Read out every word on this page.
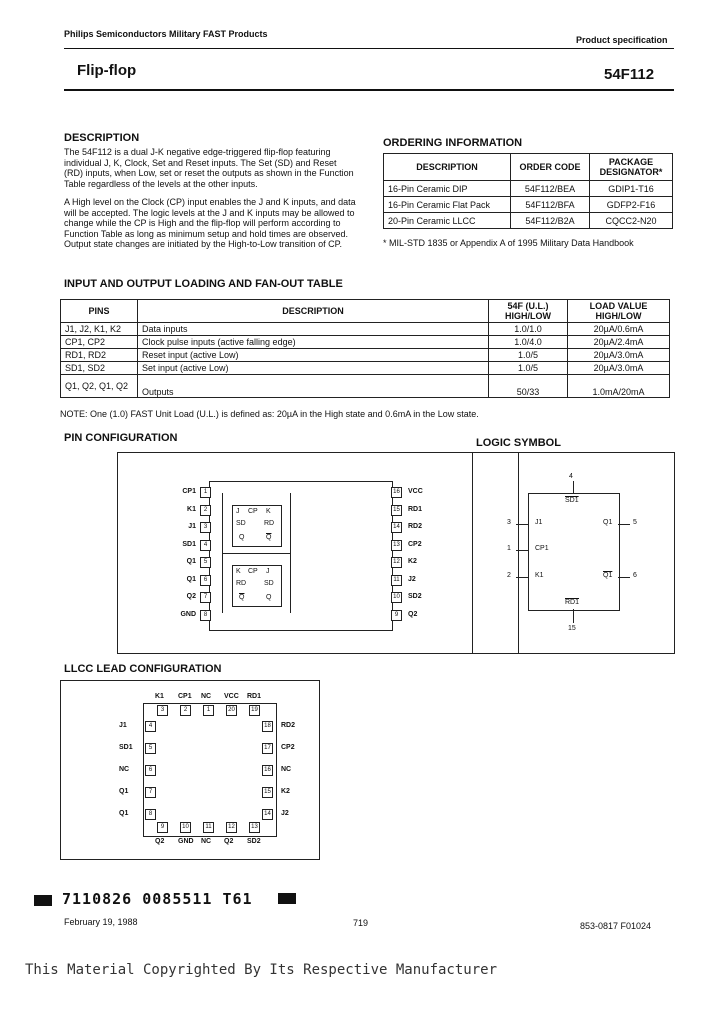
Philips Semiconductors Military FAST Products
Product specification
Flip-flop	54F112
DESCRIPTION
The 54F112 is a dual J-K negative edge-triggered flip-flop featuring individual J, K, Clock, Set and Reset inputs. The Set (SD) and Reset (RD) inputs, when Low, set or reset the outputs as shown in the Function Table regardless of the levels at the other inputs.
A High level on the Clock (CP) input enables the J and K inputs, and data will be accepted. The logic levels at the J and K inputs may be allowed to change while the CP is High and the flip-flop will perform according to Function Table as long as minimum setup and hold times are observed. Output state changes are initiated by the High-to-Low transition of CP.
ORDERING INFORMATION
DESCRIPTION	ORDER CODE	PACKAGE DESIGNATOR*
16-Pin Ceramic DIP	54F112/BEA	GDIP1-T16
16-Pin Ceramic Flat Pack	54F112/BFA	GDFP2-F16
20-Pin Ceramic LLCC	54F112/B2A	CQCC2-N20
* MIL-STD 1835 or Appendix A of 1995 Military Data Handbook
INPUT AND OUTPUT LOADING AND FAN-OUT TABLE
PINS	DESCRIPTION	54F (U.L.) HIGH/LOW	LOAD VALUE HIGH/LOW
J1, J2, K1, K2	Data inputs	1.0/1.0	20µA/0.6mA
CP1, CP2	Clock pulse inputs (active falling edge)	1.0/4.0	20µA/2.4mA
RD1, RD2	Reset input (active Low)	1.0/5	20µA/3.0mA
SD1, SD2	Set input (active Low)	1.0/5	20µA/3.0mA
Q1, Q2, Q1, Q2	Outputs	50/33	1.0mA/20mA
NOTE: One (1.0) FAST Unit Load (U.L.) is defined as: 20µA in the High state and 0.6mA in the Low state.
PIN CONFIGURATION
J CP K
SD	RD
Q	$\overline{Q}$
K CP J
RD	SD
$\overline{Q}$	Q
1
CP1
2
K1
3
J1
4
SD1
5
Q1
6
Q1
7
Q2
8
GND
16	VCC
15	RD1
14	RD2
13	CP2
12	K2
11	J2
10	SD2
9	Q2
LOGIC SYMBOL
4
SD1
15
RD1
3	J1
1	CP1
2	K1
5
Q1
6
Q1
LLCC LEAD CONFIGURATION
3
K1
2
CP1
1
NC
20
VCC
19
RD1
9
Q2
10
GND
11
NC
12
Q2
13
SD2
4
J1
5
SD1
6
NC
7
Q1
8
Q1
18	RD2
17	CP2
16	NC
15	K2
14	J2
7110826 0085511 T61
February 19, 1988	719	853-0817 F01024
This Material Copyrighted By Its Respective Manufacturer
